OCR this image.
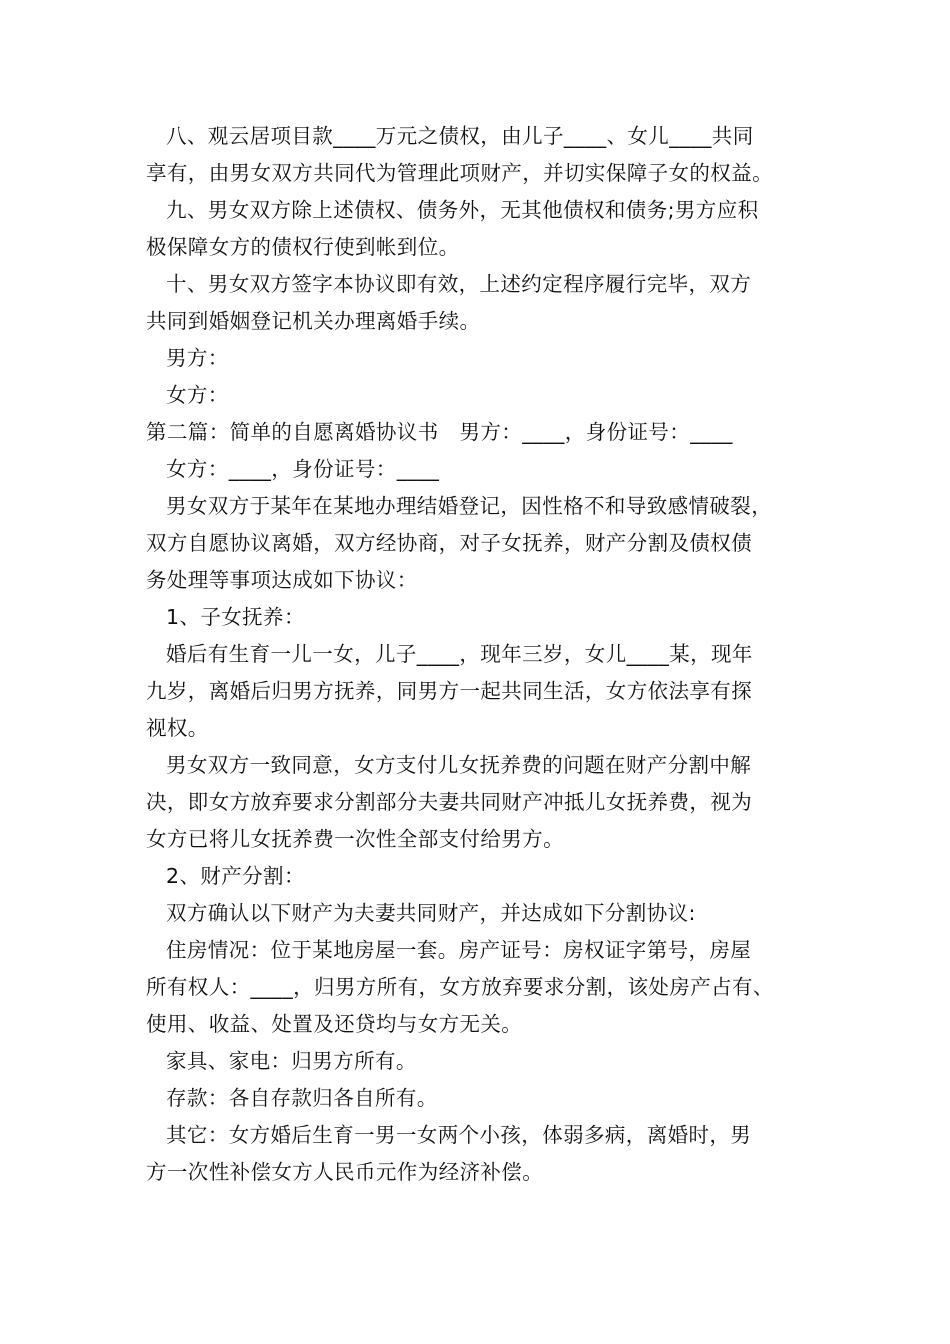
八、观云居项目款____万元之债权，由儿子____、女儿____共同
享有，由男女双方共同代为管理此项财产，并切实保障子女的权益。
九、男女双方除上述债权、债务外，无其他债权和债务;男方应积
极保障女方的债权行使到帐到位。
十、男女双方签字本协议即有效，上述约定程序履行完毕，双方
共同到婚姻登记机关办理离婚手续。
男方：
女方：
第二篇：简单的自愿离婚协议书　男方：____，身份证号：____
女方：____，身份证号：____
男女双方于某年在某地办理结婚登记，因性格不和导致感情破裂，
双方自愿协议离婚，双方经协商，对子女抚养，财产分割及债权债
务处理等事项达成如下协议：
1、子女抚养：
婚后有生育一儿一女，儿子____，现年三岁，女儿____某，现年
九岁，离婚后归男方抚养，同男方一起共同生活，女方依法享有探
视权。
男女双方一致同意，女方支付儿女抚养费的问题在财产分割中解
决，即女方放弃要求分割部分夫妻共同财产冲抵儿女抚养费，视为
女方已将儿女抚养费一次性全部支付给男方。
2、财产分割：
双方确认以下财产为夫妻共同财产，并达成如下分割协议:
住房情况：位于某地房屋一套。房产证号：房权证字第号，房屋
所有权人：____，归男方所有，女方放弃要求分割，该处房产占有、
使用、收益、处置及还贷均与女方无关。
家具、家电：归男方所有。
存款：各自存款归各自所有。
其它：女方婚后生育一男一女两个小孩，体弱多病，离婚时，男
方一次性补偿女方人民币元作为经济补偿。
